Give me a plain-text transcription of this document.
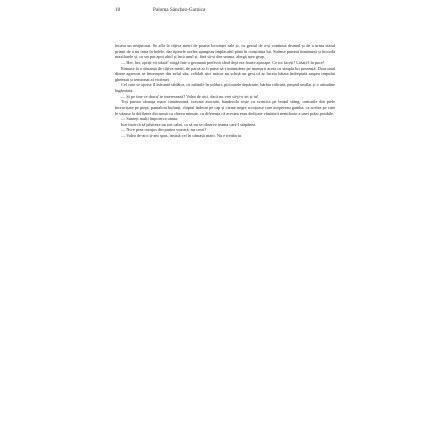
10	Paloma Sánchez-Garnica

încasa un neajutorat. Se afla la câțiva metri de poarta locuinței sale și, cu gestul de a-și continua drumul și de a urma sfatul primit de a nu intra în belele, dar tipetele acelea ajungeau implacabil până în conștiința lui. Strânse pumnii înmărunți și încordă maxilarele și, cu un pas apoi altul și încă unul și, fără să-și dea seama, alergă spre grup.

— Hei, hei, opriți-vă odată! strigă într-o germană perfectă când deja era foarte aproape. Ce tot faceți? Lăsați-l în pace!

Rămase la o distanță de câțiva metri, de parcă ar fi putut să-i intimideze pe monștrii aceia cu simpla lui prezență. Doar unul dintre agresori se întrerupse din zelul său; celălalt nici măcar nu schiță un gest că ar înceta bătaia îndreptată asupra trupului ghemuit și tensionat al victimei.

Cel care se oprise îl înfruntă sfidător, cu mâinile în șolduri, picioarele depărtate, bărbia ridicată, pieptul umflat și o atitudine îngâmfată.

— Și pe tine ce dracu' te interesează? Valea de aici, dacă nu vrei să-ți-o iei și tu!

Toți purtau cămașa maro cămăruoasă, cravata asortată, banderola roșie cu svastica pe brațul stâng, centurile din piele încrucișate pe piept, pantaloni bufanți, chipiul îndesat pe cap și cizme negre scorțoase care acopereau gamba, ca acelea pe care le văzuse la defilarea din urmă cu câteva minute, cu diferența că acestea erau dedicate vânătorii nemiloase a unei prăzi posibile.

— Sunteți mulți împotriva unuia.

Iuri încercă să păstreze un ton calm, ca să nu se observe teama care-l stăpânea.

— Nu-e prea curajos din partea voastră, nu crezi?

— Valea de-aici ți-am spus, insistă cel în cămașă maro. Nu e treaba ta.
